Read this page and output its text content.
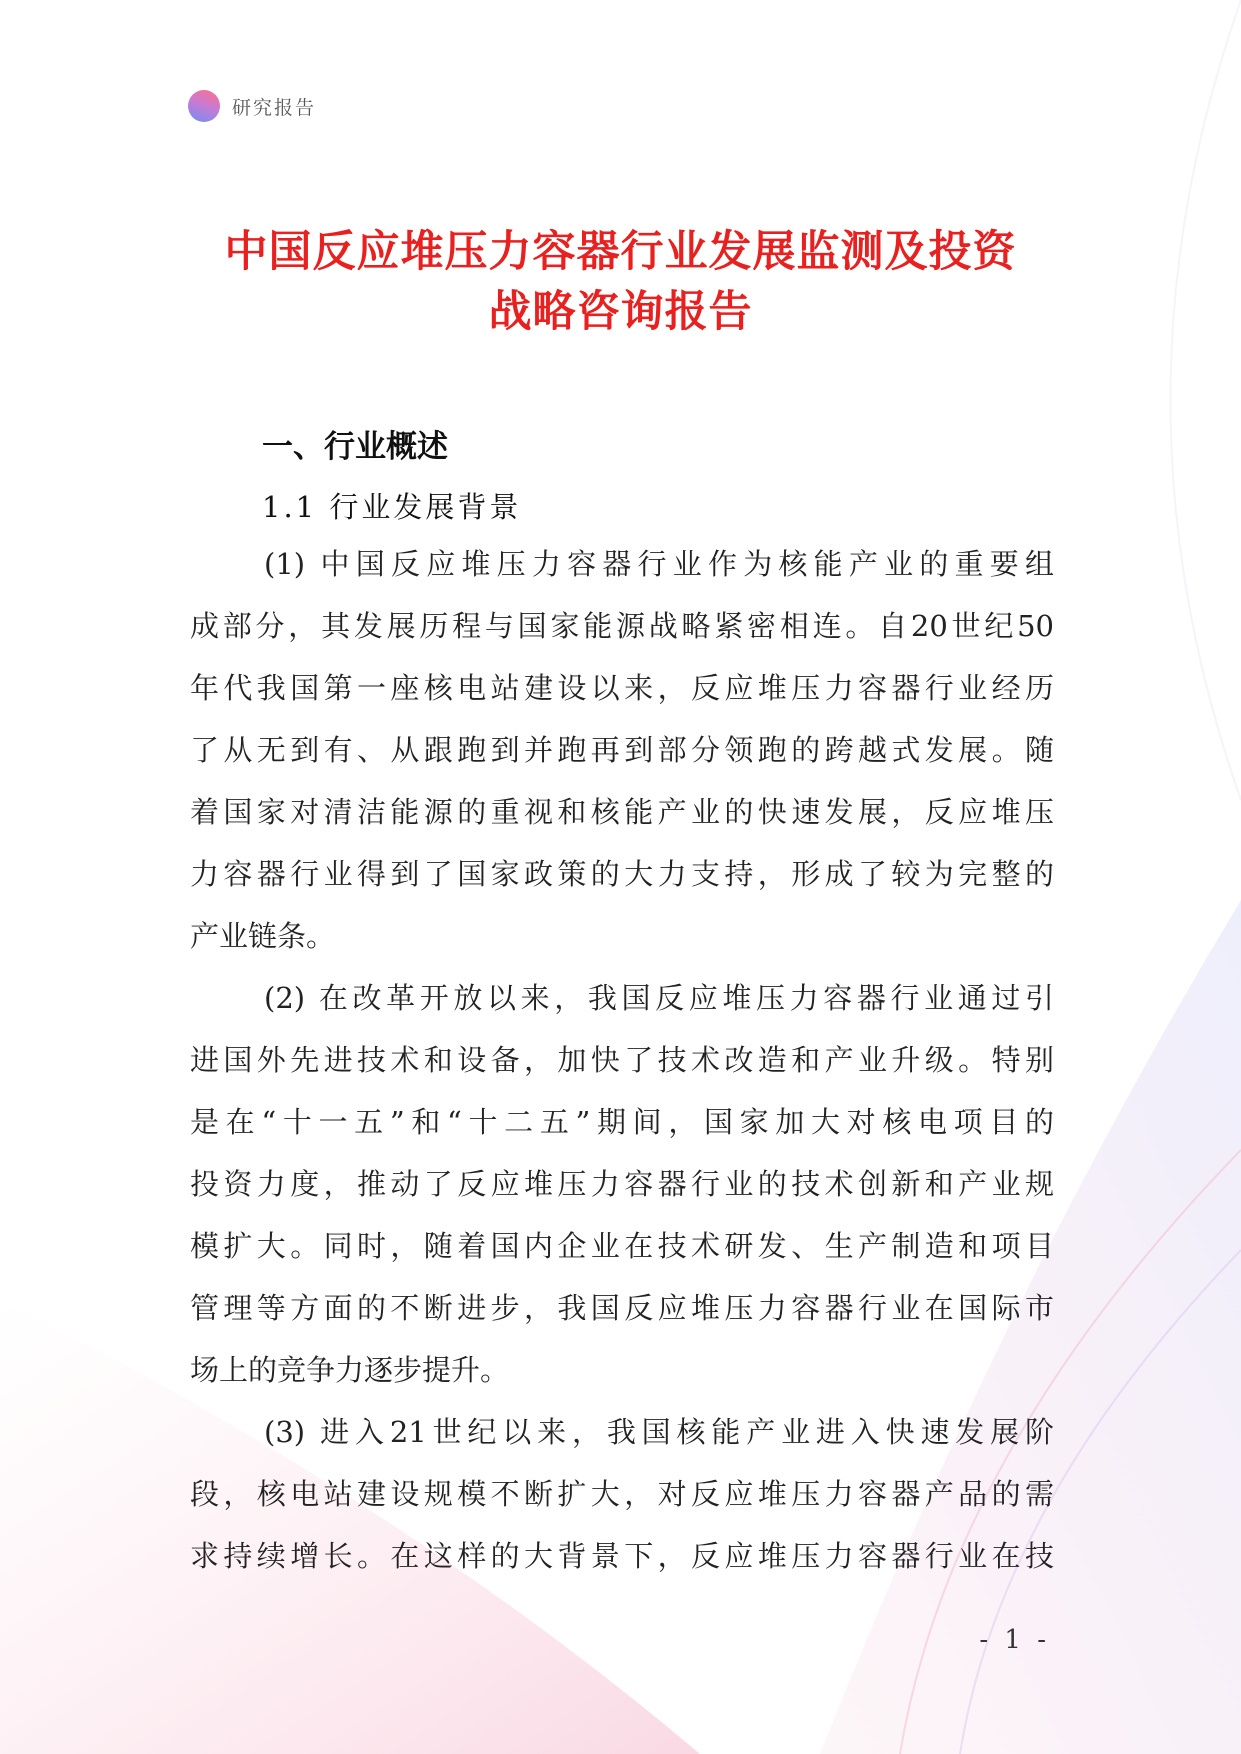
研究报告
中国反应堆压力容器行业发展监测及投资
战略咨询报告
一、行业概述
1.1 行业发展背景
(1) 中国反应堆压力容器行业作为核能产业的重要组
成部分，其发展历程与国家能源战略紧密相连。自20世纪50
年代我国第一座核电站建设以来，反应堆压力容器行业经历
了从无到有、从跟跑到并跑再到部分领跑的跨越式发展。随
着国家对清洁能源的重视和核能产业的快速发展，反应堆压
力容器行业得到了国家政策的大力支持，形成了较为完整的
产业链条。
(2) 在改革开放以来，我国反应堆压力容器行业通过引
进国外先进技术和设备，加快了技术改造和产业升级。特别
是在“十一五”和“十二五”期间，国家加大对核电项目的
投资力度，推动了反应堆压力容器行业的技术创新和产业规
模扩大。同时，随着国内企业在技术研发、生产制造和项目
管理等方面的不断进步，我国反应堆压力容器行业在国际市
场上的竞争力逐步提升。
(3) 进入21世纪以来，我国核能产业进入快速发展阶
段，核电站建设规模不断扩大，对反应堆压力容器产品的需
求持续增长。在这样的大背景下，反应堆压力容器行业在技
- 1 -
